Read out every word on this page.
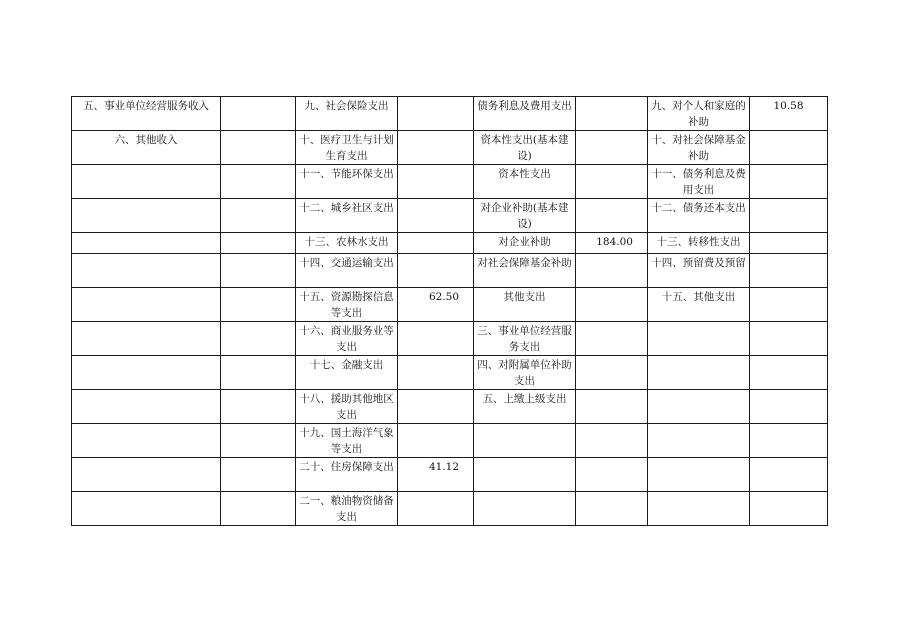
五、事业单位经营服务收入		九、社会保险支出		债务利息及费用支出		九、对个人和家庭的补助	10.58
六、其他收入		十、医疗卫生与计划生育支出		资本性支出(基本建设)		十、对社会保障基金补助	
		十一、节能环保支出		资本性支出		十一、债务利息及费用支出	
		十二、城乡社区支出		对企业补助(基本建设)		十二、债务还本支出	
		十三、农林水支出		对企业补助	184.00	十三、转移性支出	
		十四、交通运输支出		对社会保障基金补助		十四、预留费及预留	
		十五、资源勘探信息等支出	62.50	其他支出		十五、其他支出	
		十六、商业服务业等支出		三、事业单位经营服务支出			
		十七、金融支出		四、对附属单位补助支出			
		十八、援助其他地区支出		五、上缴上级支出			
		十九、国土海洋气象等支出					
		二十、住房保障支出	41.12				
		二一、粮油物资储备支出					
